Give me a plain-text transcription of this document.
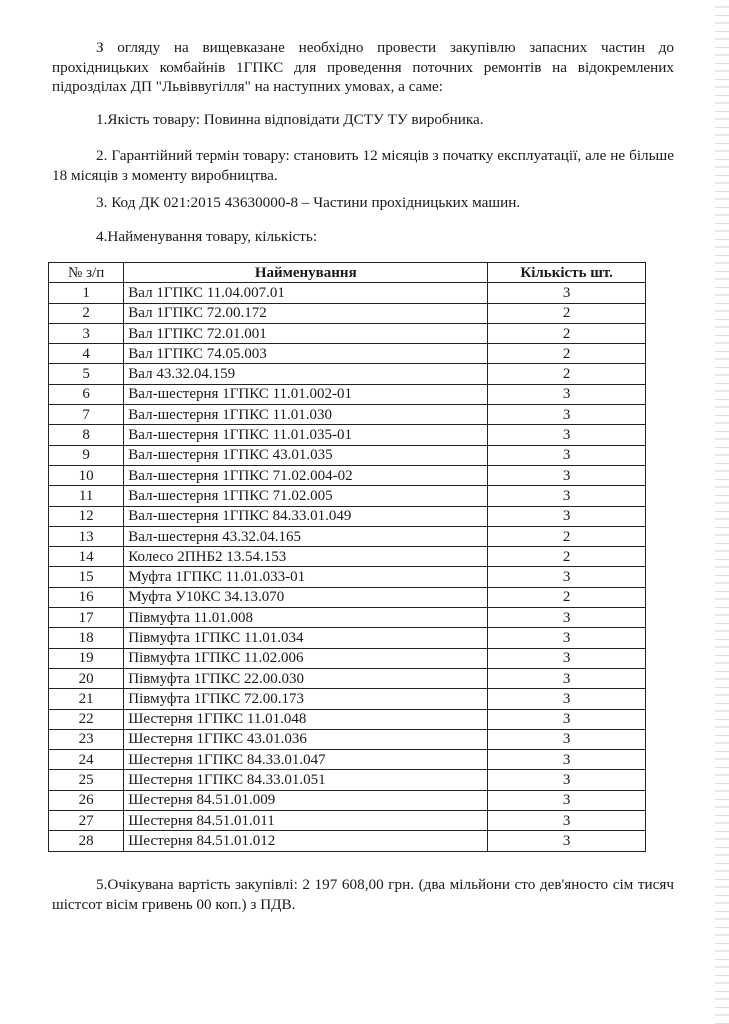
З огляду на вищевказане необхідно провести закупівлю запасних частин до прохідницьких комбайнів 1ГПКС для проведення поточних ремонтів на відокремлених підрозділах ДП "Львіввугілля" на наступних умовах, а саме:

1.Якість товару: Повинна відповідати ДСТУ ТУ виробника.

2. Гарантійний термін товару: становить 12 місяців з початку експлуатації, але не більше 18 місяців з моменту виробництва.

3. Код ДК 021:2015 43630000-8 – Частини прохідницьких машин.

4.Найменування товару, кількість:

№ з/п	Найменування	Кількість шт.
1	Вал 1ГПКС 11.04.007.01	3
2	Вал 1ГПКС 72.00.172	2
3	Вал 1ГПКС 72.01.001	2
4	Вал 1ГПКС 74.05.003	2
5	Вал 43.32.04.159	2
6	Вал-шестерня 1ГПКС 11.01.002-01	3
7	Вал-шестерня 1ГПКС 11.01.030	3
8	Вал-шестерня 1ГПКС 11.01.035-01	3
9	Вал-шестерня 1ГПКС 43.01.035	3
10	Вал-шестерня 1ГПКС 71.02.004-02	3
11	Вал-шестерня 1ГПКС 71.02.005	3
12	Вал-шестерня 1ГПКС 84.33.01.049	3
13	Вал-шестерня 43.32.04.165	2
14	Колесо 2ПНБ2 13.54.153	2
15	Муфта 1ГПКС 11.01.033-01	3
16	Муфта У10КС 34.13.070	2
17	Півмуфта 11.01.008	3
18	Півмуфта 1ГПКС 11.01.034	3
19	Півмуфта 1ГПКС 11.02.006	3
20	Півмуфта 1ГПКС 22.00.030	3
21	Півмуфта 1ГПКС 72.00.173	3
22	Шестерня 1ГПКС 11.01.048	3
23	Шестерня 1ГПКС 43.01.036	3
24	Шестерня 1ГПКС 84.33.01.047	3
25	Шестерня 1ГПКС 84.33.01.051	3
26	Шестерня 84.51.01.009	3
27	Шестерня 84.51.01.011	3
28	Шестерня 84.51.01.012	3

5.Очікувана вартість закупівлі: 2 197 608,00 грн. (два мільйони сто дев'яносто сім тисяч шістсот вісім гривень 00 коп.) з ПДВ.
